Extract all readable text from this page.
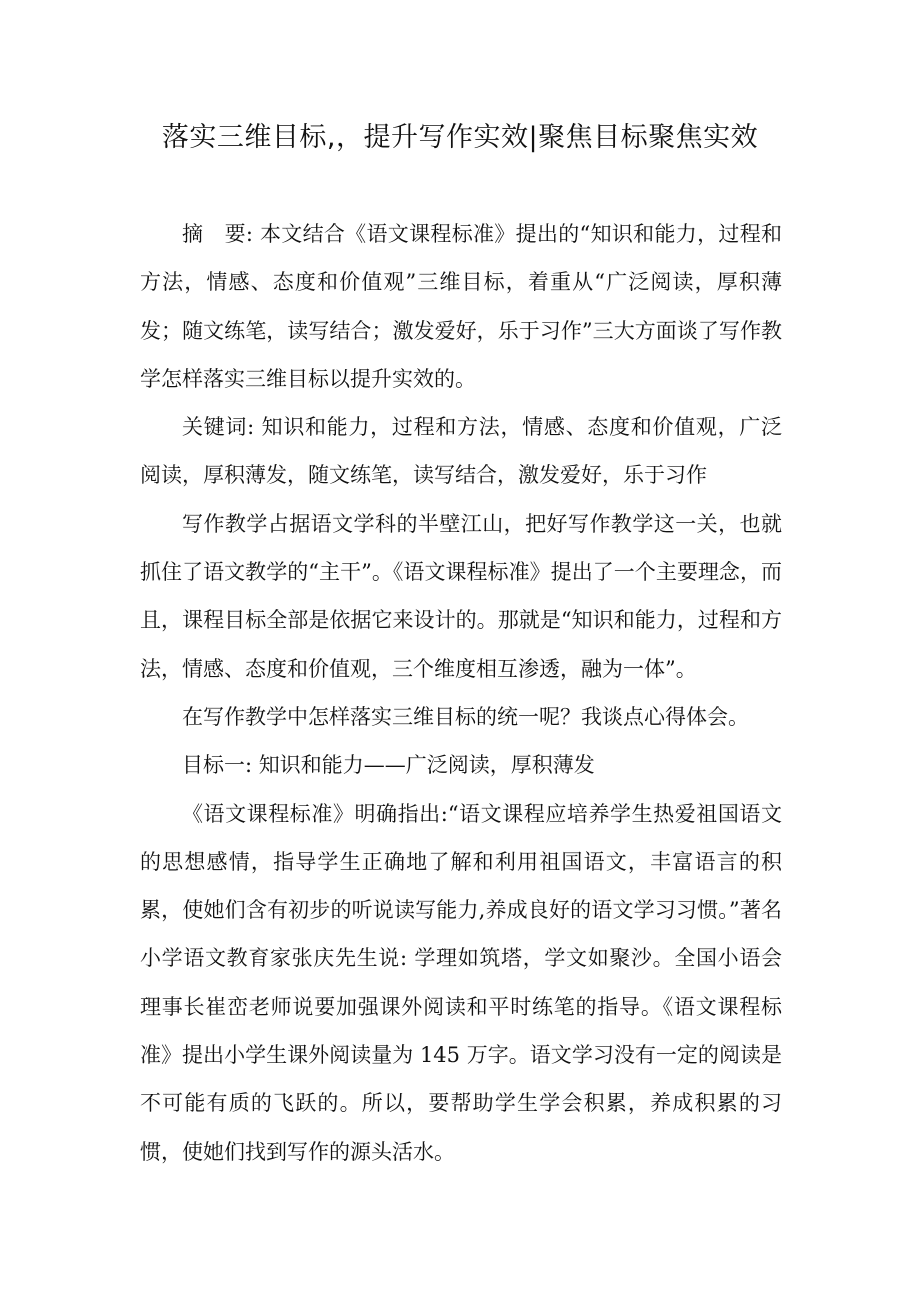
落实三维目标,，提升写作实效|聚焦目标聚焦实效

摘　要: 本文结合《语文课程标准》提出的“知识和能力，过程和方法，情感、态度和价值观”三维目标，着重从“广泛阅读，厚积薄发；随文练笔，读写结合；激发爱好，乐于习作”三大方面谈了写作教学怎样落实三维目标以提升实效的。

关键词: 知识和能力，过程和方法，情感、态度和价值观，广泛阅读，厚积薄发，随文练笔，读写结合，激发爱好，乐于习作

写作教学占据语文学科的半壁江山，把好写作教学这一关，也就抓住了语文教学的“主干”。《语文课程标准》提出了一个主要理念，而且，课程目标全部是依据它来设计的。那就是“知识和能力，过程和方法，情感、态度和价值观，三个维度相互渗透，融为一体”。

在写作教学中怎样落实三维目标的统一呢？我谈点心得体会。

目标一: 知识和能力——广泛阅读，厚积薄发

《语文课程标准》明确指出:“语文课程应培养学生热爱祖国语文的思想感情，指导学生正确地了解和利用祖国语文，丰富语言的积累，使她们含有初步的听说读写能力,养成良好的语文学习习惯。”著名小学语文教育家张庆先生说: 学理如筑塔，学文如聚沙。全国小语会理事长崔峦老师说要加强课外阅读和平时练笔的指导。《语文课程标准》提出小学生课外阅读量为 145 万字。语文学习没有一定的阅读是不可能有质的飞跃的。所以，要帮助学生学会积累，养成积累的习惯，使她们找到写作的源头活水。
